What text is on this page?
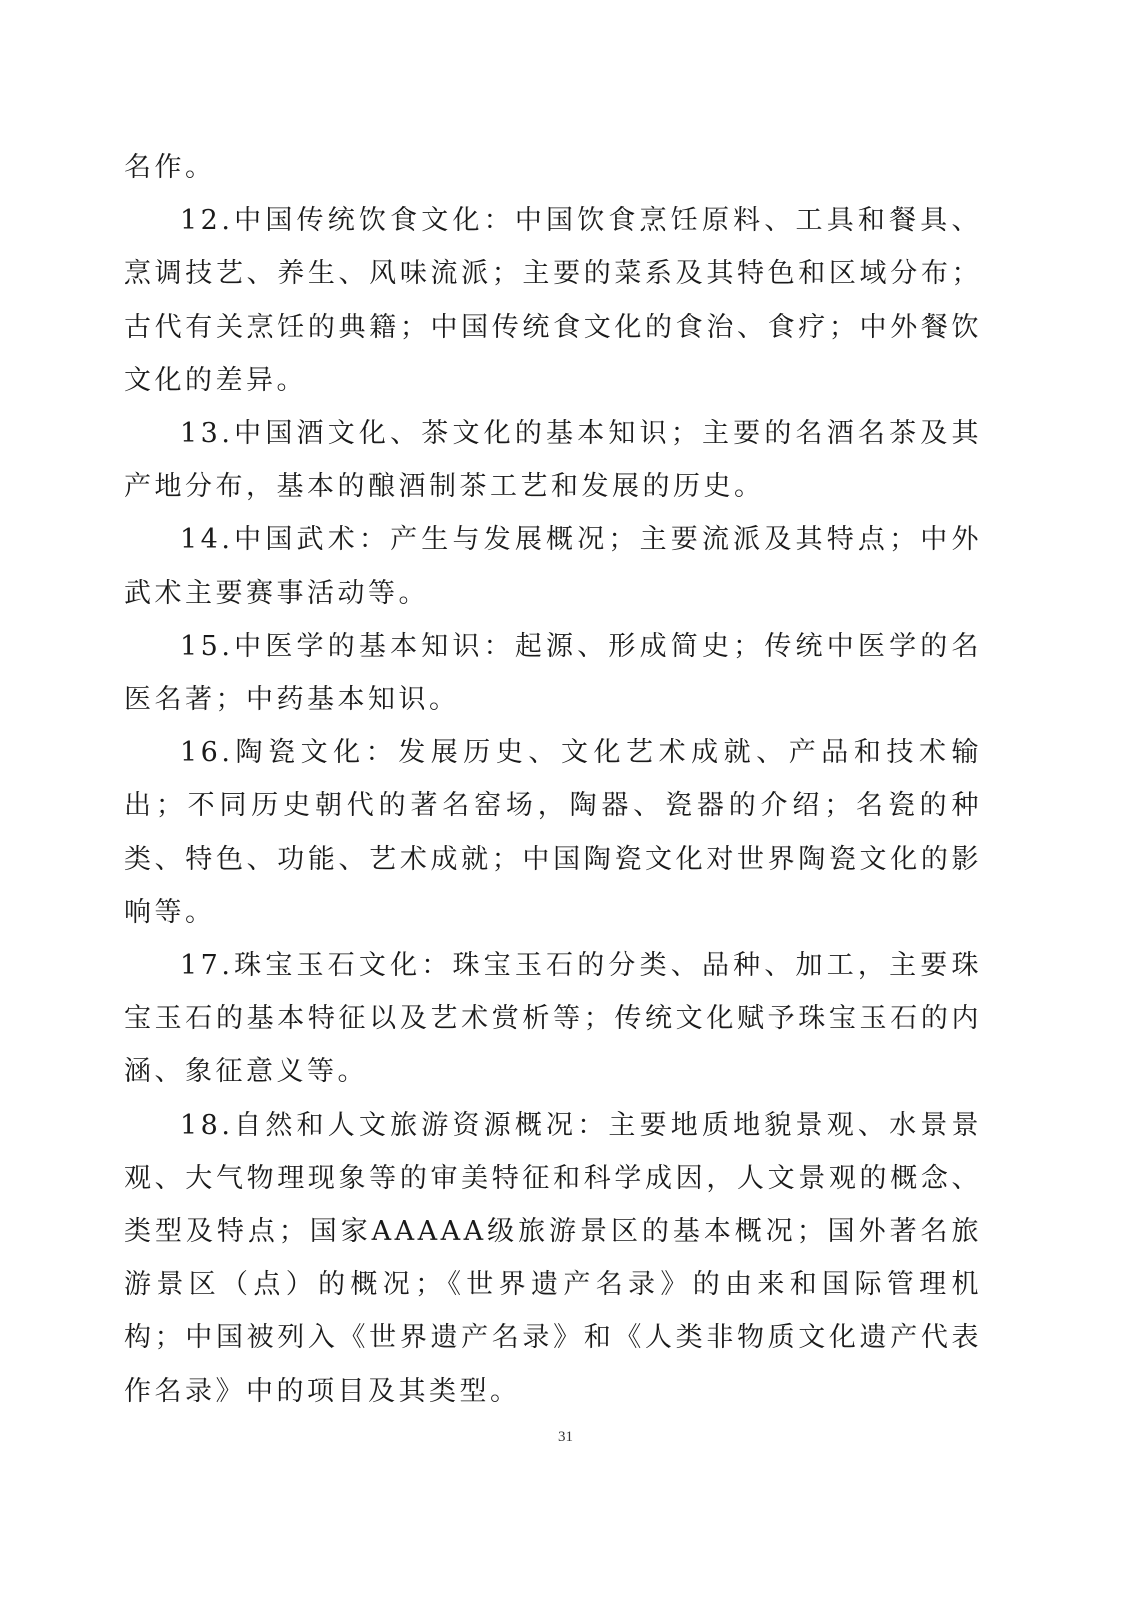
名作。

12.中国传统饮食文化：中国饮食烹饪原料、工具和餐具、烹调技艺、养生、风味流派；主要的菜系及其特色和区域分布；古代有关烹饪的典籍；中国传统食文化的食治、食疗；中外餐饮文化的差异。

13.中国酒文化、茶文化的基本知识；主要的名酒名茶及其产地分布，基本的酿酒制茶工艺和发展的历史。

14.中国武术：产生与发展概况；主要流派及其特点；中外武术主要赛事活动等。

15.中医学的基本知识：起源、形成简史；传统中医学的名医名著；中药基本知识。

16.陶瓷文化：发展历史、文化艺术成就、产品和技术输出；不同历史朝代的著名窑场，陶器、瓷器的介绍；名瓷的种类、特色、功能、艺术成就；中国陶瓷文化对世界陶瓷文化的影响等。

17.珠宝玉石文化：珠宝玉石的分类、品种、加工，主要珠宝玉石的基本特征以及艺术赏析等；传统文化赋予珠宝玉石的内涵、象征意义等。

18.自然和人文旅游资源概况：主要地质地貌景观、水景景观、大气物理现象等的审美特征和科学成因，人文景观的概念、类型及特点；国家AAAAA级旅游景区的基本概况；国外著名旅游景区（点）的概况；《世界遗产名录》的由来和国际管理机构；中国被列入《世界遗产名录》和《人类非物质文化遗产代表作名录》中的项目及其类型。

31
